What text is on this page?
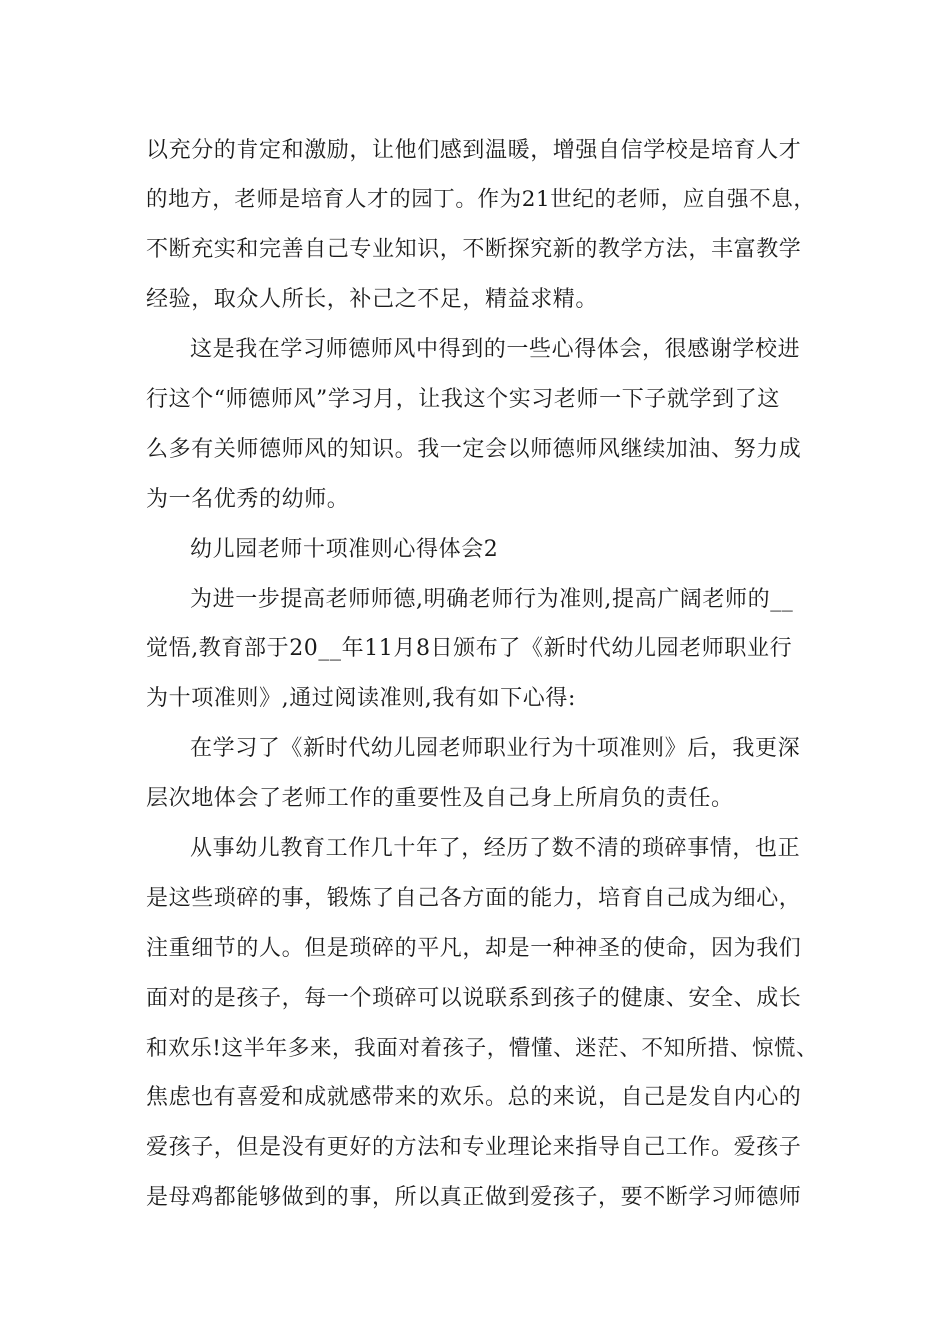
以充分的肯定和激励，让他们感到温暖，增强自信学校是培育人才
的地方，老师是培育人才的园丁。作为21世纪的老师，应自强不息，
不断充实和完善自己专业知识，不断探究新的教学方法，丰富教学
经验，取众人所长，补己之不足，精益求精。
这是我在学习师德师风中得到的一些心得体会，很感谢学校进
行这个“师德师风”学习月，让我这个实习老师一下子就学到了这
么多有关师德师风的知识。我一定会以师德师风继续加油、努力成
为一名优秀的幼师。
幼儿园老师十项准则心得体会2
为进一步提高老师师德,明确老师行为准则,提高广阔老师的__
觉悟,教育部于20__年11月8日颁布了《新时代幼儿园老师职业行
为十项准则》,通过阅读准则,我有如下心得:
在学习了《新时代幼儿园老师职业行为十项准则》后，我更深
层次地体会了老师工作的重要性及自己身上所肩负的责任。
从事幼儿教育工作几十年了，经历了数不清的琐碎事情，也正
是这些琐碎的事，锻炼了自己各方面的能力，培育自己成为细心，
注重细节的人。但是琐碎的平凡，却是一种神圣的使命，因为我们
面对的是孩子，每一个琐碎可以说联系到孩子的健康、安全、成长
和欢乐!这半年多来，我面对着孩子，懵懂、迷茫、不知所措、惊慌、
焦虑也有喜爱和成就感带来的欢乐。总的来说，自己是发自内心的
爱孩子，但是没有更好的方法和专业理论来指导自己工作。爱孩子
是母鸡都能够做到的事，所以真正做到爱孩子，要不断学习师德师
